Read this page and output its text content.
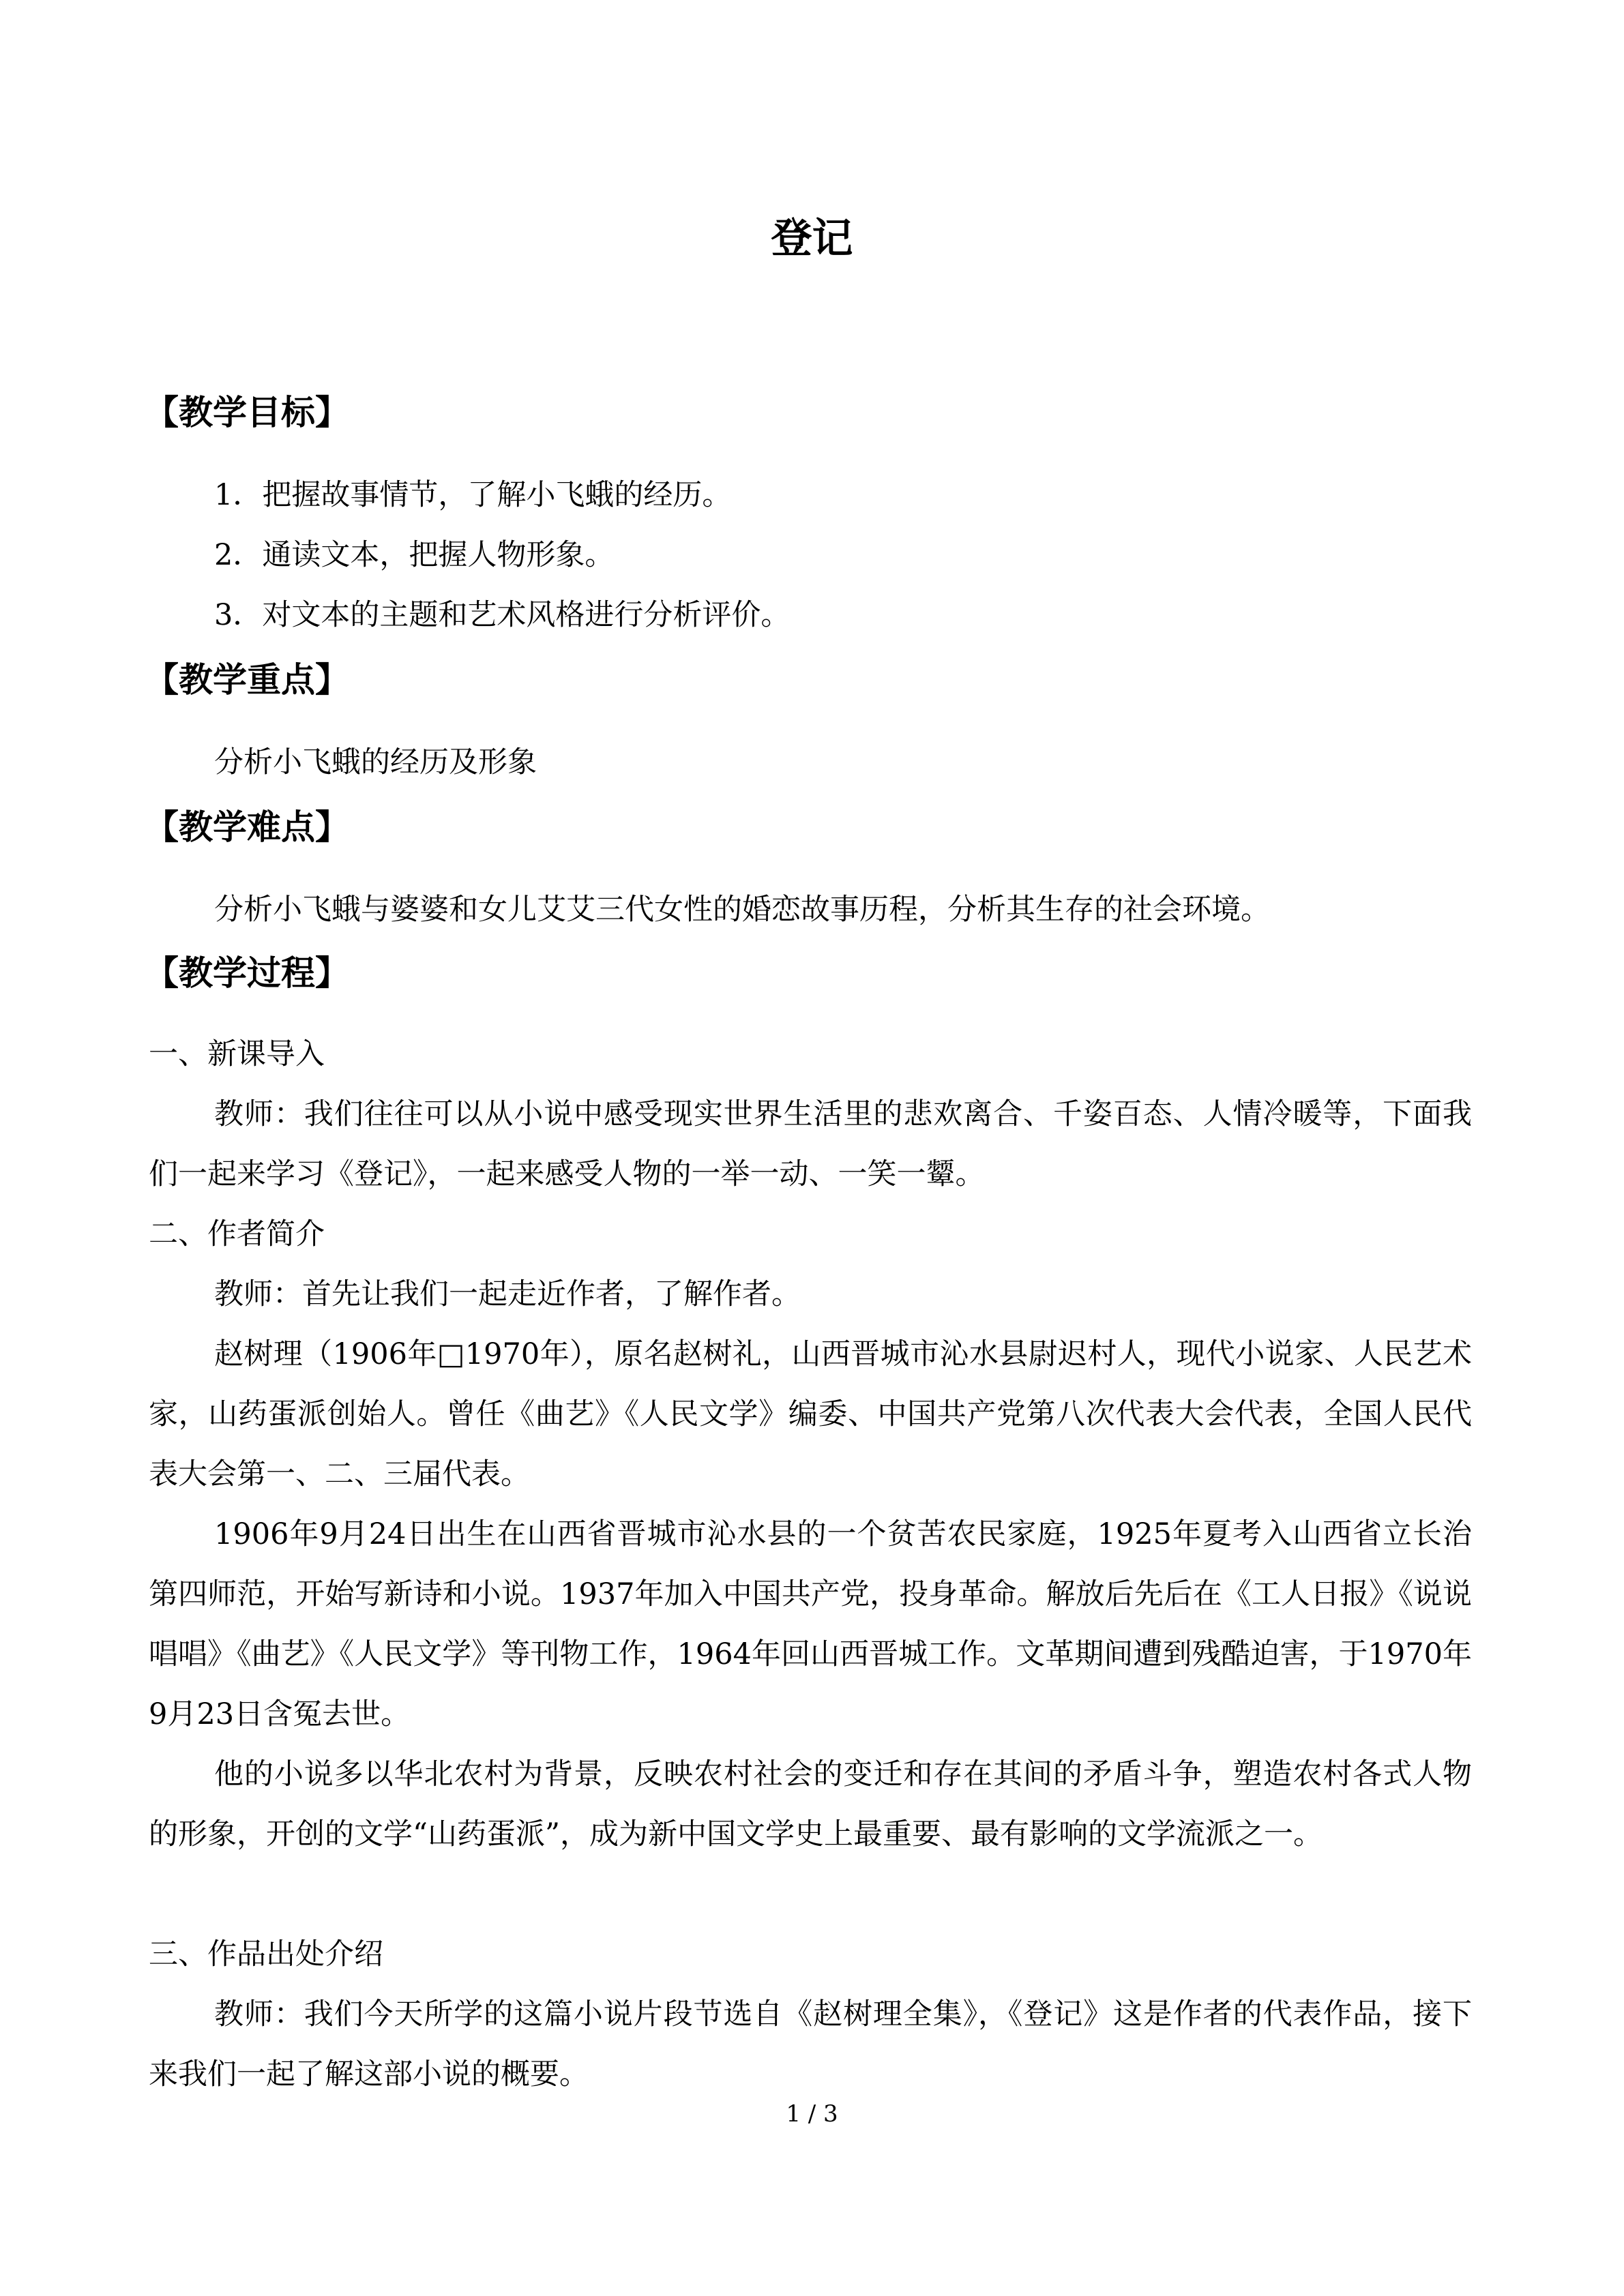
登记
【教学目标】
1．把握故事情节，了解小飞蛾的经历。
2．通读文本，把握人物形象。
3．对文本的主题和艺术风格进行分析评价。
【教学重点】
分析小飞蛾的经历及形象
【教学难点】
分析小飞蛾与婆婆和女儿艾艾三代女性的婚恋故事历程，分析其生存的社会环境。
【教学过程】
一、新课导入
教师：我们往往可以从小说中感受现实世界生活里的悲欢离合、千姿百态、人情冷暖等，下面我们一起来学习《登记》，一起来感受人物的一举一动、一笑一颦。
二、作者简介
教师：首先让我们一起走近作者，了解作者。
赵树理（1906年□1970年），原名赵树礼，山西晋城市沁水县尉迟村人，现代小说家、人民艺术家，山药蛋派创始人。曾任《曲艺》《人民文学》编委、中国共产党第八次代表大会代表，全国人民代表大会第一、二、三届代表。
1906年9月24日出生在山西省晋城市沁水县的一个贫苦农民家庭，1925年夏考入山西省立长治第四师范，开始写新诗和小说。1937年加入中国共产党，投身革命。解放后先后在《工人日报》《说说唱唱》《曲艺》《人民文学》等刊物工作，1964年回山西晋城工作。文革期间遭到残酷迫害，于1970年9月23日含冤去世。
他的小说多以华北农村为背景，反映农村社会的变迁和存在其间的矛盾斗争，塑造农村各式人物的形象，开创的文学“山药蛋派”，成为新中国文学史上最重要、最有影响的文学流派之一。
三、作品出处介绍
教师：我们今天所学的这篇小说片段节选自《赵树理全集》，《登记》这是作者的代表作品，接下来我们一起了解这部小说的概要。
1 / 3
